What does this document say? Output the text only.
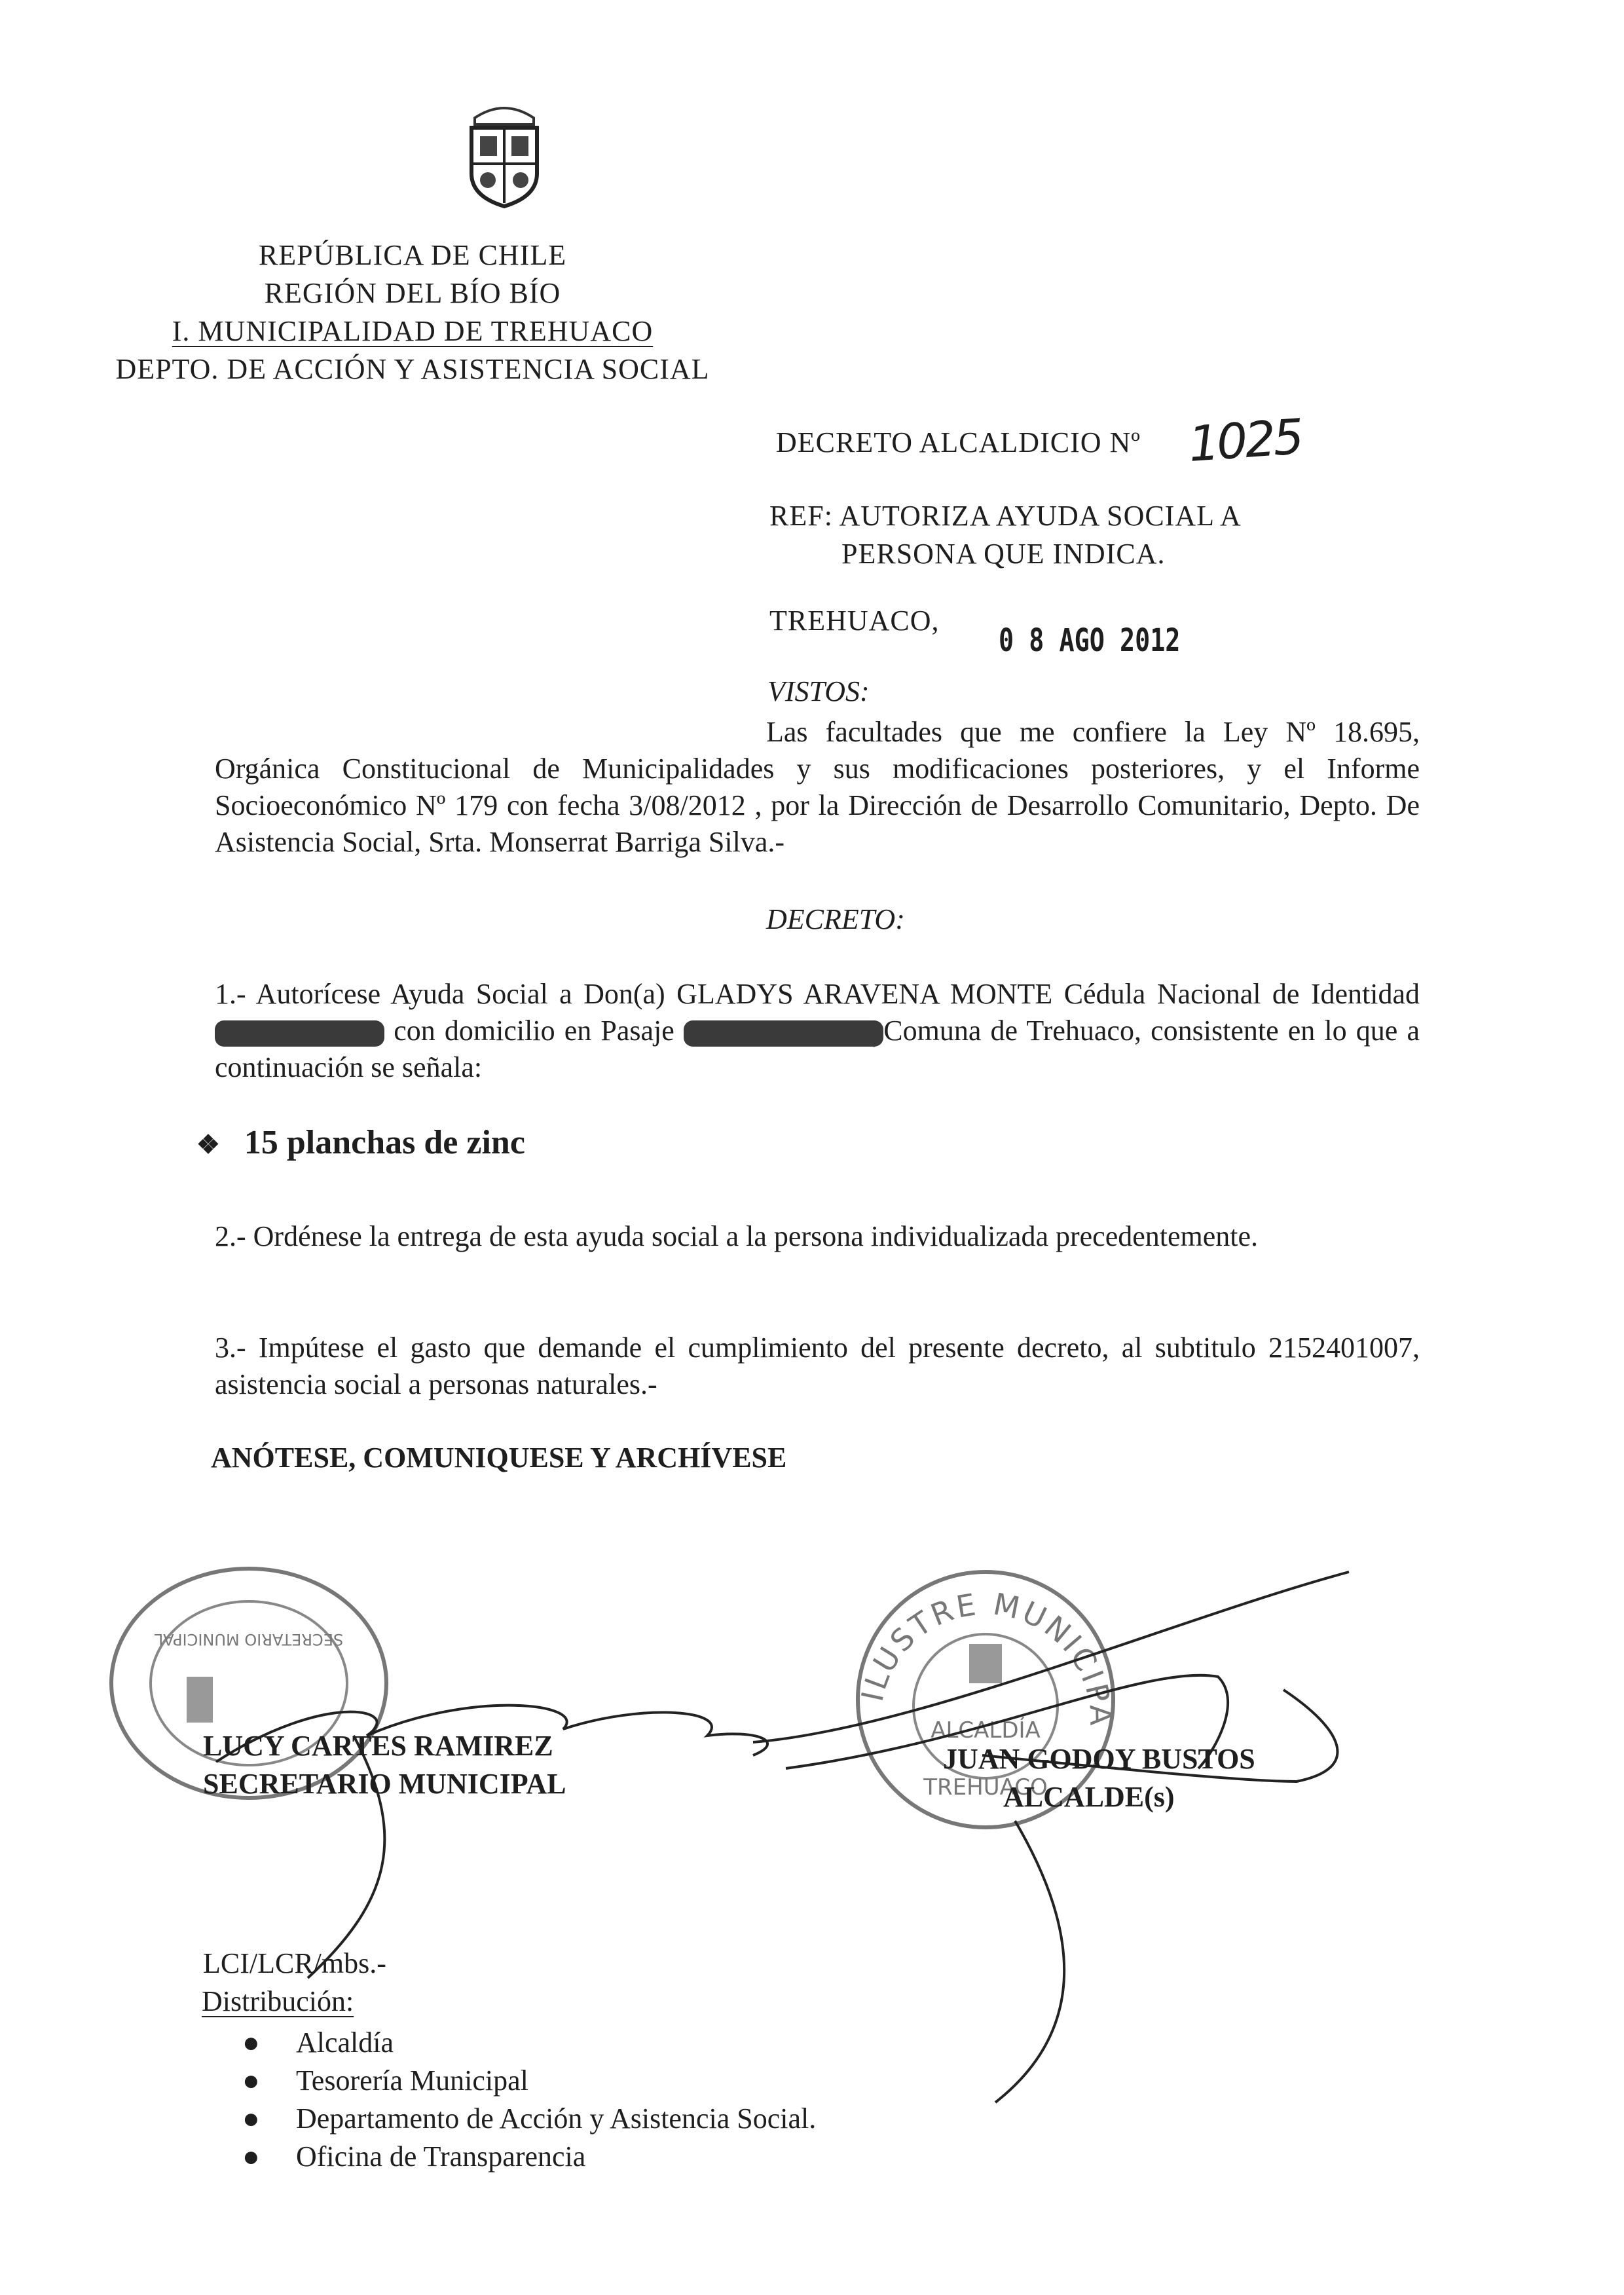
REPÚBLICA DE CHILE
REGIÓN DEL BÍO BÍO
I. MUNICIPALIDAD DE TREHUACO
DEPTO. DE ACCIÓN Y ASISTENCIA SOCIAL
DECRETO ALCALDICIO Nº 1025
REF: AUTORIZA AYUDA SOCIAL A
PERSONA QUE INDICA.
TREHUACO,
0 8 AGO 2012
VISTOS:
Las facultades que me confiere la Ley Nº 18.695, Orgánica Constitucional de Municipalidades y sus modificaciones posteriores, y el Informe Socioeconómico Nº 179 con fecha 3/08/2012 , por la Dirección de Desarrollo Comunitario, Depto. De Asistencia Social, Srta. Monserrat Barriga Silva.-
DECRETO:
1.- Autorícese Ayuda Social a Don(a) GLADYS ARAVENA MONTE Cédula Nacional de Identidad Nº 7630146-8 con domicilio en Pasaje Carlos Montane, Comuna de Trehuaco, consistente en lo que a continuación se señala:
❖ 15 planchas de zinc
2.- Ordénese la entrega de esta ayuda social a la persona individualizada precedentemente.
3.- Impútese el gasto que demande el cumplimiento del presente decreto, al subtitulo 2152401007, asistencia social a personas naturales.-
ANÓTESE, COMUNIQUESE Y ARCHÍVESE
SECRETARIO MUNICIPAL
ILUSTRE MUNICIPALIDAD
ALCALDÍA
TREHUACO
LUCY CARTES RAMIREZ
SECRETARIO MUNICIPAL
JUAN GODOY BUSTOS
ALCALDE(s)
LCI/LCR/mbs.-
Distribución:
● Alcaldía
● Tesorería Municipal
● Departamento de Acción y Asistencia Social.
● Oficina de Transparencia
